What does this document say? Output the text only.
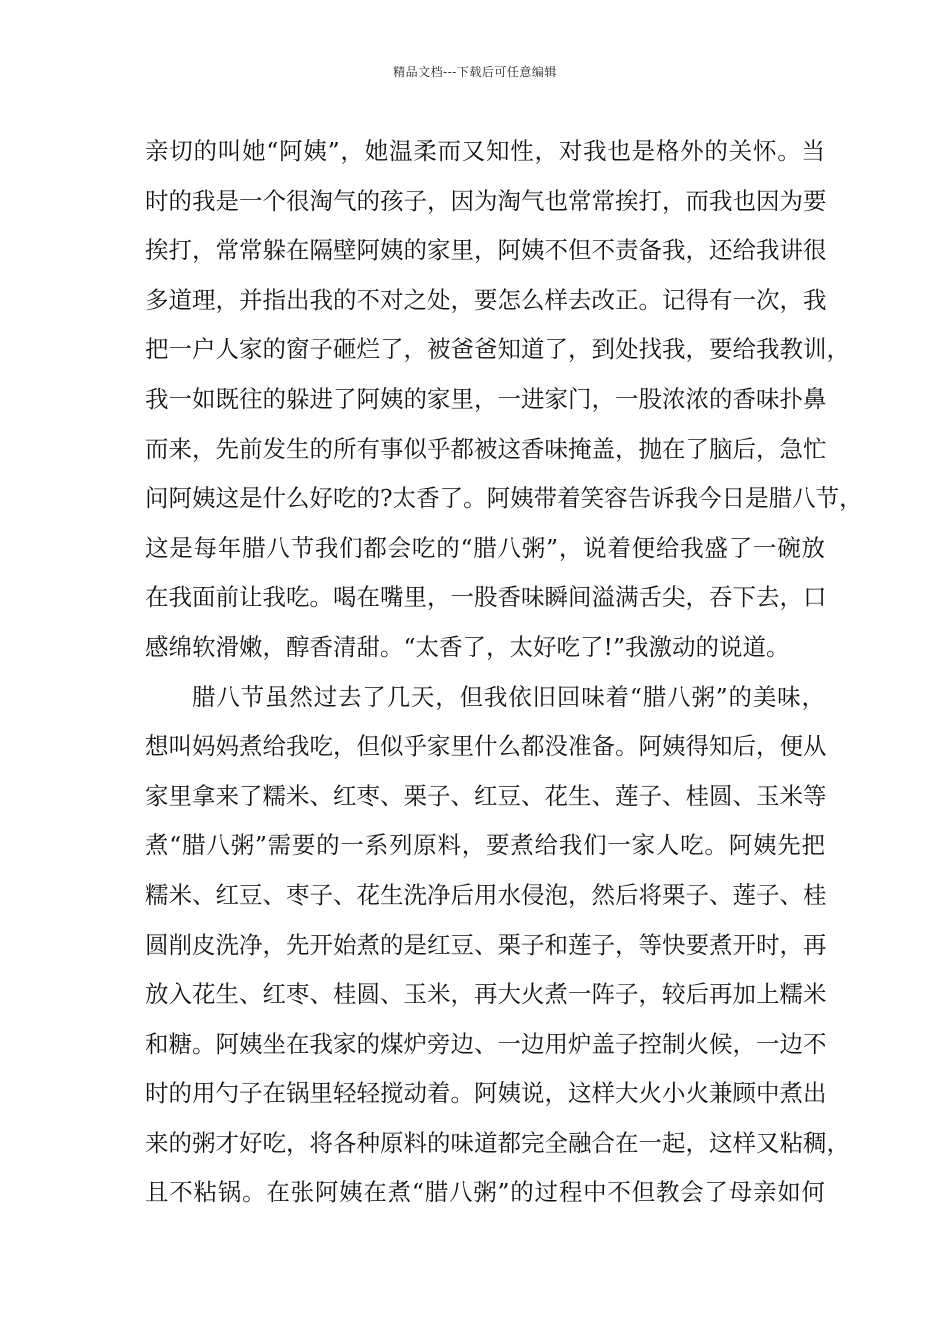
精品文档---下载后可任意编辑
亲切的叫她“阿姨”，她温柔而又知性，对我也是格外的关怀。当
时的我是一个很淘气的孩子，因为淘气也常常挨打，而我也因为要
挨打，常常躲在隔壁阿姨的家里，阿姨不但不责备我，还给我讲很
多道理，并指出我的不对之处，要怎么样去改正。记得有一次，我
把一户人家的窗子砸烂了，被爸爸知道了，到处找我，要给我教训，
我一如既往的躲进了阿姨的家里，一进家门，一股浓浓的香味扑鼻
而来，先前发生的所有事似乎都被这香味掩盖，抛在了脑后，急忙
问阿姨这是什么好吃的?太香了。阿姨带着笑容告诉我今日是腊八节，
这是每年腊八节我们都会吃的“腊八粥”，说着便给我盛了一碗放
在我面前让我吃。喝在嘴里，一股香味瞬间溢满舌尖，吞下去，口
感绵软滑嫩，醇香清甜。“太香了，太好吃了!”我激动的说道。
腊八节虽然过去了几天，但我依旧回味着“腊八粥”的美味，
想叫妈妈煮给我吃，但似乎家里什么都没准备。阿姨得知后，便从
家里拿来了糯米、红枣、栗子、红豆、花生、莲子、桂圆、玉米等
煮“腊八粥”需要的一系列原料，要煮给我们一家人吃。阿姨先把
糯米、红豆、枣子、花生洗净后用水侵泡，然后将栗子、莲子、桂
圆削皮洗净，先开始煮的是红豆、栗子和莲子，等快要煮开时，再
放入花生、红枣、桂圆、玉米，再大火煮一阵子，较后再加上糯米
和糖。阿姨坐在我家的煤炉旁边、一边用炉盖子控制火候，一边不
时的用勺子在锅里轻轻搅动着。阿姨说，这样大火小火兼顾中煮出
来的粥才好吃，将各种原料的味道都完全融合在一起，这样又粘稠，
且不粘锅。在张阿姨在煮“腊八粥”的过程中不但教会了母亲如何
